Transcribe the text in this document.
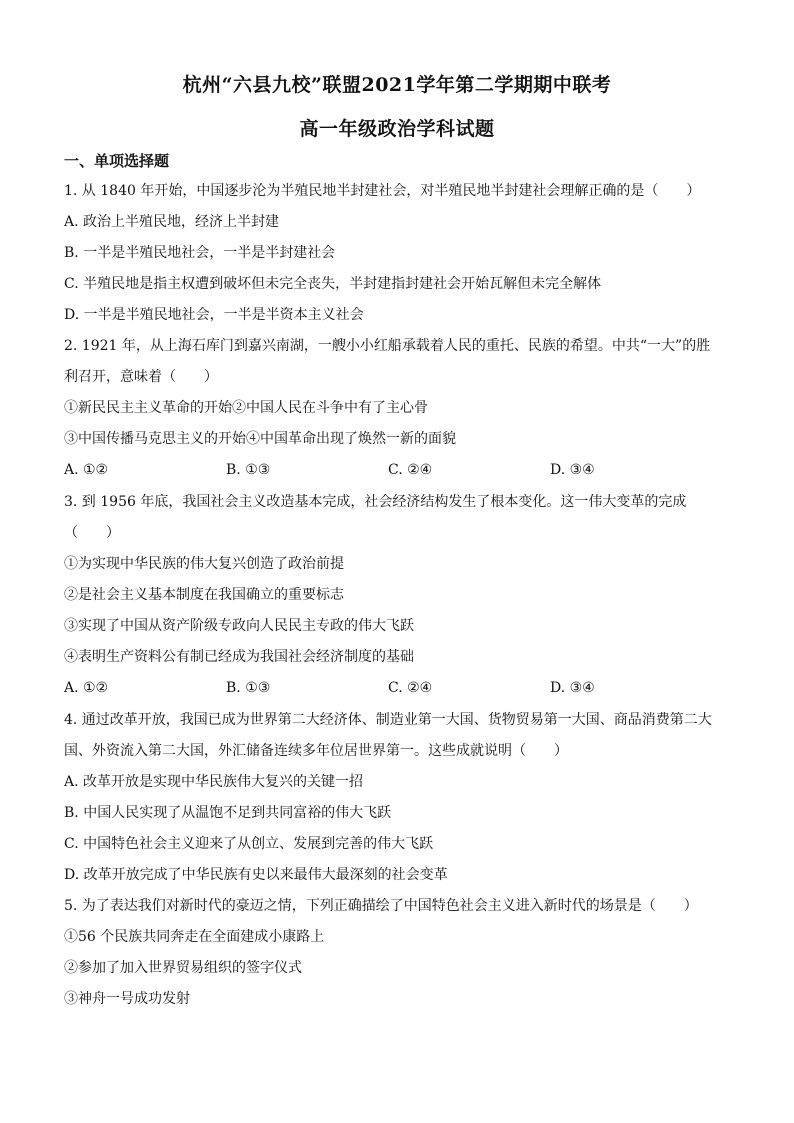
杭州“六县九校”联盟2021学年第二学期期中联考
高一年级政治学科试题
一、单项选择题
1. 从 1840 年开始，中国逐步沦为半殖民地半封建社会，对半殖民地半封建社会理解正确的是（　　）
A. 政治上半殖民地，经济上半封建
B. 一半是半殖民地社会，一半是半封建社会
C. 半殖民地是指主权遭到破坏但未完全丧失，半封建指封建社会开始瓦解但未完全解体
D. 一半是半殖民地社会，一半是半资本主义社会
2. 1921 年，从上海石库门到嘉兴南湖，一艘小小红船承载着人民的重托、民族的希望。中共“一大”的胜
利召开，意味着（　　）
①新民民主主义革命的开始②中国人民在斗争中有了主心骨
③中国传播马克思主义的开始④中国革命出现了焕然一新的面貌
A. ①②	B. ①③	C. ②④	D. ③④
3. 到 1956 年底，我国社会主义改造基本完成，社会经济结构发生了根本变化。这一伟大变革的完成
（　　）
①为实现中华民族的伟大复兴创造了政治前提
②是社会主义基本制度在我国确立的重要标志
③实现了中国从资产阶级专政向人民民主专政的伟大飞跃
④表明生产资料公有制已经成为我国社会经济制度的基础
A. ①②	B. ①③	C. ②④	D. ③④
4. 通过改革开放，我国已成为世界第二大经济体、制造业第一大国、货物贸易第一大国、商品消费第二大
国、外资流入第二大国，外汇储备连续多年位居世界第一。这些成就说明（　　）
A. 改革开放是实现中华民族伟大复兴的关键一招
B. 中国人民实现了从温饱不足到共同富裕的伟大飞跃
C. 中国特色社会主义迎来了从创立、发展到完善的伟大飞跃
D. 改革开放完成了中华民族有史以来最伟大最深刻的社会变革
5. 为了表达我们对新时代的豪迈之情，下列正确描绘了中国特色社会主义进入新时代的场景是（　　）
①56 个民族共同奔走在全面建成小康路上
②参加了加入世界贸易组织的签字仪式
③神舟一号成功发射
